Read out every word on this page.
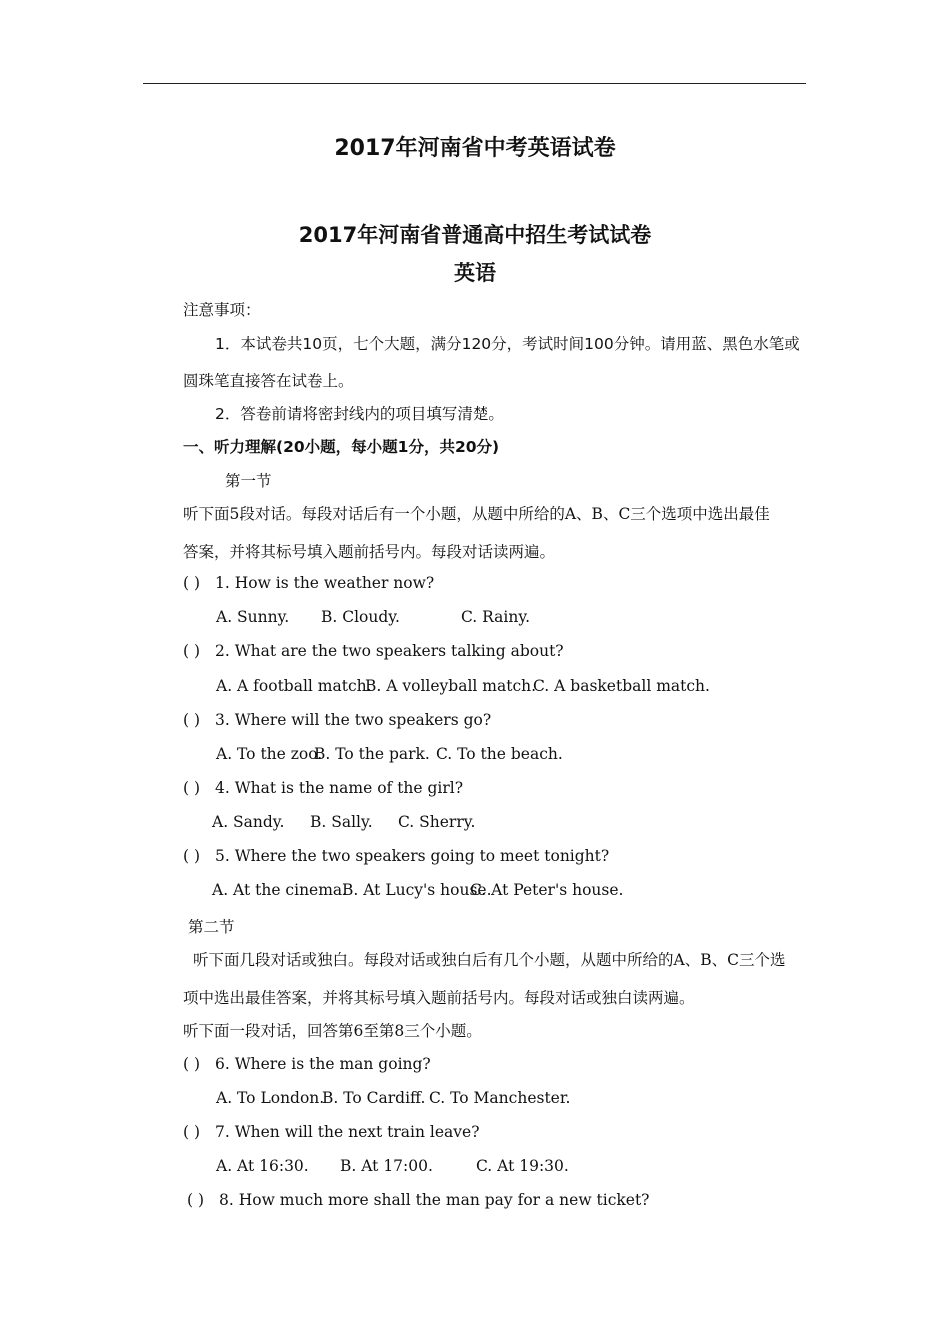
2017年河南省中考英语试卷
2017年河南省普通高中招生考试试卷
英语
注意事项：
1．本试卷共10页，七个大题，满分120分，考试时间100分钟。请用蓝、黑色水笔或
圆珠笔直接答在试卷上。
2．答卷前请将密封线内的项目填写清楚。
一、听力理解(20小题，每小题1分，共20分)
第一节
听下面5段对话。每段对话后有一个小题，从题中所给的A、B、C三个选项中选出最佳
答案，并将其标号填入题前括号内。每段对话读两遍。
( ) 1. How is the weather now?
A. Sunny. B. Cloudy.	C. Rainy.
( ) 2. What are the two speakers talking about?
A. A football match.B. A volleyball match.C. A basketball match.
( ) 3. Where will the two speakers go?
A. To the zoo.B. To the park. C. To the beach.
( ) 4. What is the name of the girl?
A. Sandy. B. Sally. C. Sherry.
( ) 5. Where the two speakers going to meet tonight?
A. At the cinema.B. At Lucy's house.C. At Peter's house.
第二节
听下面几段对话或独白。每段对话或独白后有几个小题，从题中所给的A、B、C三个选
项中选出最佳答案，并将其标号填入题前括号内。每段对话或独白读两遍。
听下面一段对话，回答第6至第8三个小题。
( ) 6. Where is the man going?
A. To London.B. To Cardiff. C. To Manchester.
( ) 7. When will the next train leave?
A. At 16:30. B. At 17:00.	C. At 19:30.
( ) 8. How much more shall the man pay for a new ticket?
